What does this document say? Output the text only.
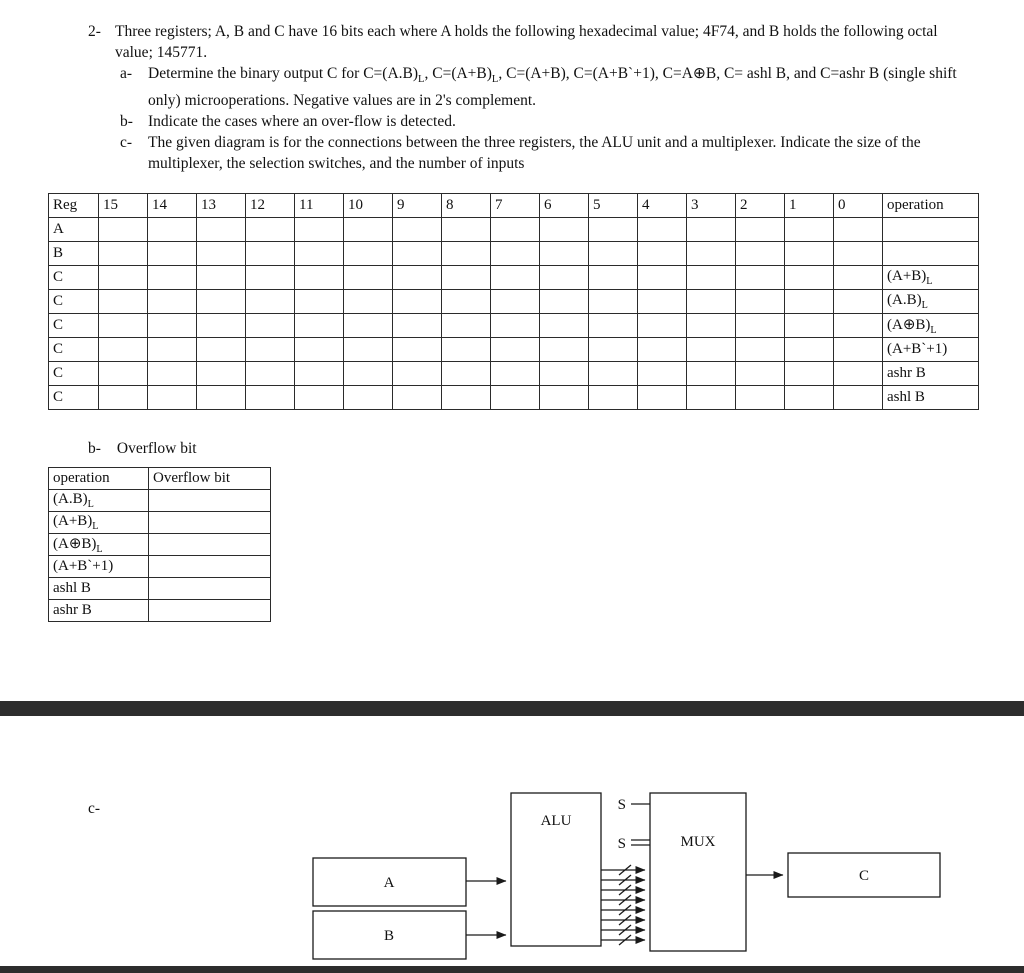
2- Three registers; A, B and C have 16 bits each where A holds the following hexadecimal value; 4F74, and B holds the following octal value; 145771.
a-	Determine the binary output C for $C=(A.B)_L$, $C=(A+B)_L$, C=(A+B), C=(A+B`+1), C=A⊕B, C= ashl B, and C=ashr B (single shift only) microoperations. Negative values are in 2's complement.
b- Indicate the cases where an over-flow is detected.
c-	The given diagram is for the connections between the three registers, the ALU unit and a multiplexer. Indicate the size of the multiplexer, the selection switches, and the number of inputs
Reg	15	14	13	12	11	10	9	8	7	6	5	4	3	2	1	0	operation
A																	
B																	
C																	$(A+B)_L$
C																	$(A.B)_L$
C																	$(A\oplus B)_L$
C																	(A+B`+1)
C																	ashr B
C																	ashl B
b- Overflow bit
operation	Overflow bit
$(A.B)_L$	
$(A+B)_L$	
$(A\oplus B)_L$	
(A+B`+1)	
ashl B	
ashr B	
c-
A
B
ALU
MUX
C
S
S
